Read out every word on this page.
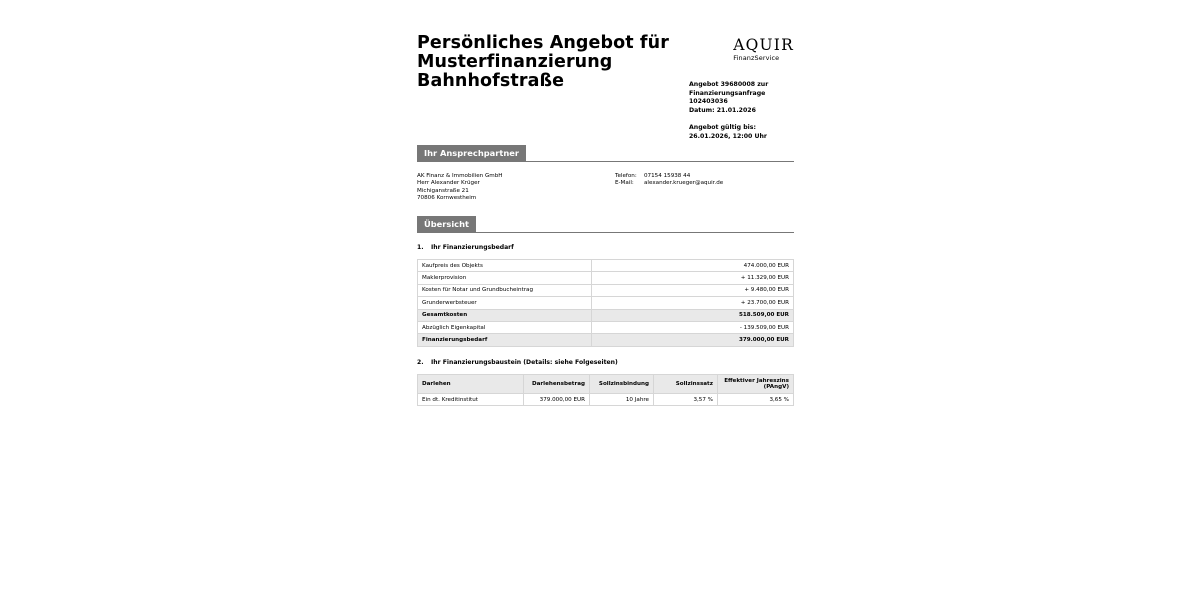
Persönliches Angebot für
Musterfinanzierung Bahnhofstraße
AQUIR
FinanzService
Angebot 39680008 zur
Finanzierungsanfrage 102403036
Datum: 21.01.2026
Angebot gültig bis:
26.01.2026, 12:00 Uhr
Ihr Ansprechpartner
AK Finanz & Immobilien GmbH
Herr Alexander Krüger
Michiganstraße 21
70806 Kornwestheim
Telefon:	07154 15938 44
E-Mail:	alexander.krueger@aquir.de
Übersicht
1. Ihr Finanzierungsbedarf
Kaufpreis des Objekts	474.000,00 EUR
Maklerprovision	+ 11.329,00 EUR
Kosten für Notar und Grundbucheintrag	+ 9.480,00 EUR
Grunderwerbsteuer	+ 23.700,00 EUR
Gesamtkosten	518.509,00 EUR
Abzüglich Eigenkapital	- 139.509,00 EUR
Finanzierungsbedarf	379.000,00 EUR
2. Ihr Finanzierungsbaustein (Details: siehe Folgeseiten)
Darlehen	Darlehensbetrag	Sollzinsbindung	Sollzinssatz	Effektiver Jahreszins
(PAngV)

Ein dt. Kreditinstitut	379.000,00 EUR	10 Jahre	3,57 %	3,65 %
